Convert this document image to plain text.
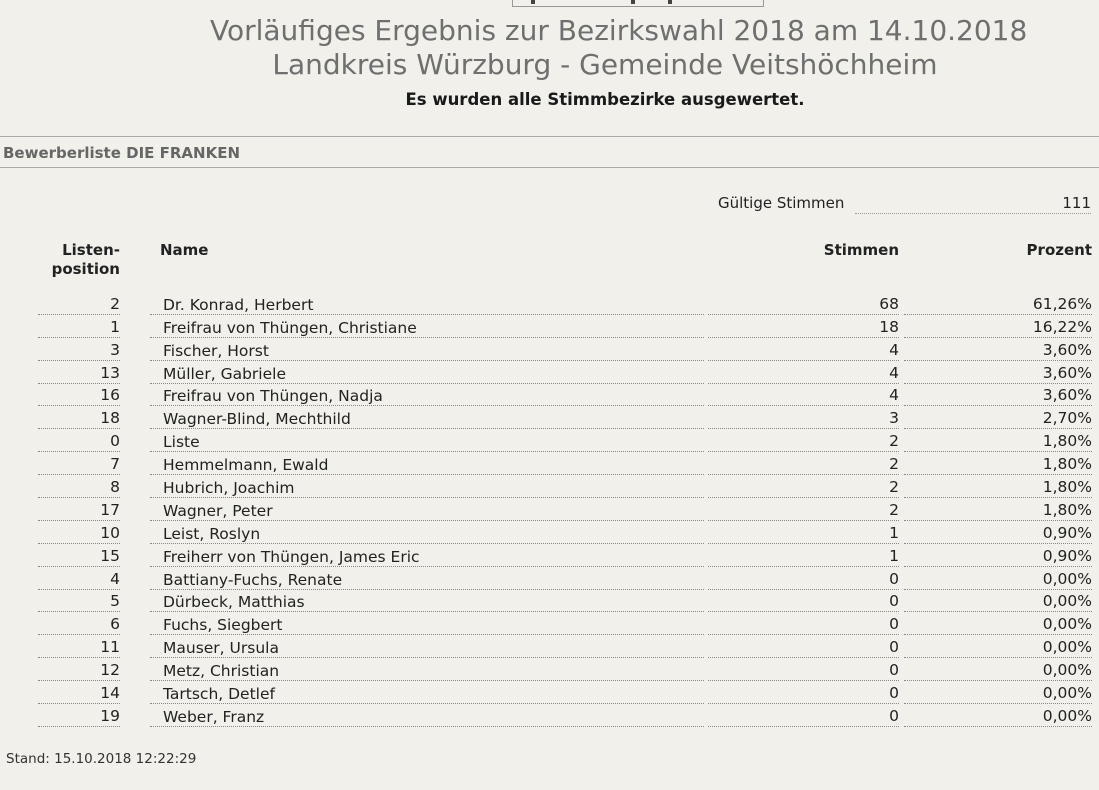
Vorläufiges Ergebnis zur Bezirkswahl 2018 am 14.10.2018
Landkreis Würzburg - Gemeinde Veitshöchheim
Es wurden alle Stimmbezirke ausgewertet.
Bewerberliste DIE FRANKEN
Gültige Stimmen	111
Listen-
position
Name	Stimmen	Prozent
2	Dr. Konrad, Herbert	68	61,26%
1	Freifrau von Thüngen, Christiane	18	16,22%
3	Fischer, Horst	4	3,60%
13	Müller, Gabriele	4	3,60%
16	Freifrau von Thüngen, Nadja	4	3,60%
18	Wagner-Blind, Mechthild	3	2,70%
0	Liste	2	1,80%
7	Hemmelmann, Ewald	2	1,80%
8	Hubrich, Joachim	2	1,80%
17	Wagner, Peter	2	1,80%
10	Leist, Roslyn	1	0,90%
15	Freiherr von Thüngen, James Eric	1	0,90%
4	Battiany-Fuchs, Renate	0	0,00%
5	Dürbeck, Matthias	0	0,00%
6	Fuchs, Siegbert	0	0,00%
11	Mauser, Ursula	0	0,00%
12	Metz, Christian	0	0,00%
14	Tartsch, Detlef	0	0,00%
19	Weber, Franz	0	0,00%
Stand: 15.10.2018 12:22:29
